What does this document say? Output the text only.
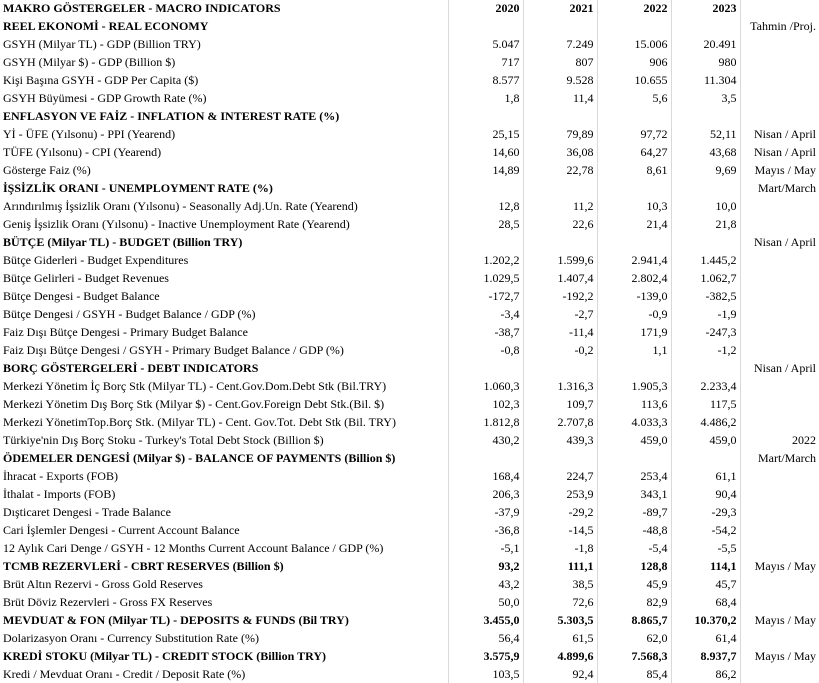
MAKRO GÖSTERGELER - MACRO INDICATORS	2020	2021	2022	2023	
REEL EKONOMİ - REAL ECONOMY					Tahmin /Proj.
GSYH (Milyar TL) - GDP (Billion TRY)	5.047	7.249	15.006	20.491	
GSYH (Milyar $) - GDP (Billion $)	717	807	906	980	
Kişi Başına GSYH - GDP Per Capita ($)	8.577	9.528	10.655	11.304	
GSYH Büyümesi - GDP Growth Rate (%)	1,8	11,4	5,6	3,5	
ENFLASYON VE FAİZ - INFLATION & INTEREST RATE (%)					
Yİ - ÜFE (Yılsonu) - PPI (Yearend)	25,15	79,89	97,72	52,11	Nisan / April
TÜFE (Yılsonu) - CPI (Yearend)	14,60	36,08	64,27	43,68	Nisan / April
Gösterge Faiz (%)	14,89	22,78	8,61	9,69	Mayıs / May
İŞSİZLİK ORANI - UNEMPLOYMENT RATE (%)					Mart/March
Arındırılmış İşsizlik Oranı (Yılsonu) - Seasonally Adj.Un. Rate (Yearend)	12,8	11,2	10,3	10,0	
Geniş İşsizlik Oranı (Yılsonu) - Inactive Unemployment Rate (Yearend)	28,5	22,6	21,4	21,8	
BÜTÇE (Milyar TL) - BUDGET (Billion TRY)					Nisan / April
Bütçe Giderleri - Budget Expenditures	1.202,2	1.599,6	2.941,4	1.445,2	
Bütçe Gelirleri - Budget Revenues	1.029,5	1.407,4	2.802,4	1.062,7	
Bütçe Dengesi - Budget Balance	-172,7	-192,2	-139,0	-382,5	
Bütçe Dengesi / GSYH - Budget Balance / GDP (%)	-3,4	-2,7	-0,9	-1,9	
Faiz Dışı Bütçe Dengesi - Primary Budget Balance	-38,7	-11,4	171,9	-247,3	
Faiz Dışı Bütçe Dengesi / GSYH - Primary Budget Balance / GDP (%)	-0,8	-0,2	1,1	-1,2	
BORÇ GÖSTERGELERİ - DEBT INDICATORS					Nisan / April
Merkezi Yönetim İç Borç Stk (Milyar TL) - Cent.Gov.Dom.Debt Stk (Bil.TRY)	1.060,3	1.316,3	1.905,3	2.233,4	
Merkezi Yönetim Dış Borç Stk (Milyar $) - Cent.Gov.Foreign Debt Stk.(Bil. $)	102,3	109,7	113,6	117,5	
Merkezi YönetimTop.Borç Stk. (Milyar TL) - Cent. Gov.Tot. Debt Stk (Bil. TRY)	1.812,8	2.707,8	4.033,3	4.486,2	
Türkiye'nin Dış Borç Stoku - Turkey's Total Debt Stock (Billion $)	430,2	439,3	459,0	459,0	2022
ÖDEMELER DENGESİ (Milyar $) - BALANCE OF PAYMENTS (Billion $)					Mart/March
İhracat - Exports (FOB)	168,4	224,7	253,4	61,1	
İthalat - Imports (FOB)	206,3	253,9	343,1	90,4	
Dışticaret Dengesi - Trade Balance	-37,9	-29,2	-89,7	-29,3	
Cari İşlemler Dengesi - Current Account Balance	-36,8	-14,5	-48,8	-54,2	
12 Aylık Cari Denge / GSYH - 12 Months Current Account Balance / GDP (%)	-5,1	-1,8	-5,4	-5,5	
TCMB REZERVLERİ - CBRT RESERVES (Billion $)	93,2	111,1	128,8	114,1	Mayıs / May
Brüt Altın Rezervi - Gross Gold Reserves	43,2	38,5	45,9	45,7	
Brüt Döviz Rezervleri - Gross FX Reserves	50,0	72,6	82,9	68,4	
MEVDUAT & FON (Milyar TL) - DEPOSITS & FUNDS (Bil TRY)	3.455,0	5.303,5	8.865,7	10.370,2	Mayıs / May
Dolarizasyon Oranı - Currency Substitution Rate (%)	56,4	61,5	62,0	61,4	
KREDİ STOKU (Milyar TL) - CREDIT STOCK (Billion TRY)	3.575,9	4.899,6	7.568,3	8.937,7	Mayıs / May
Kredi / Mevduat Oranı - Credit / Deposit Rate (%)	103,5	92,4	85,4	86,2	
